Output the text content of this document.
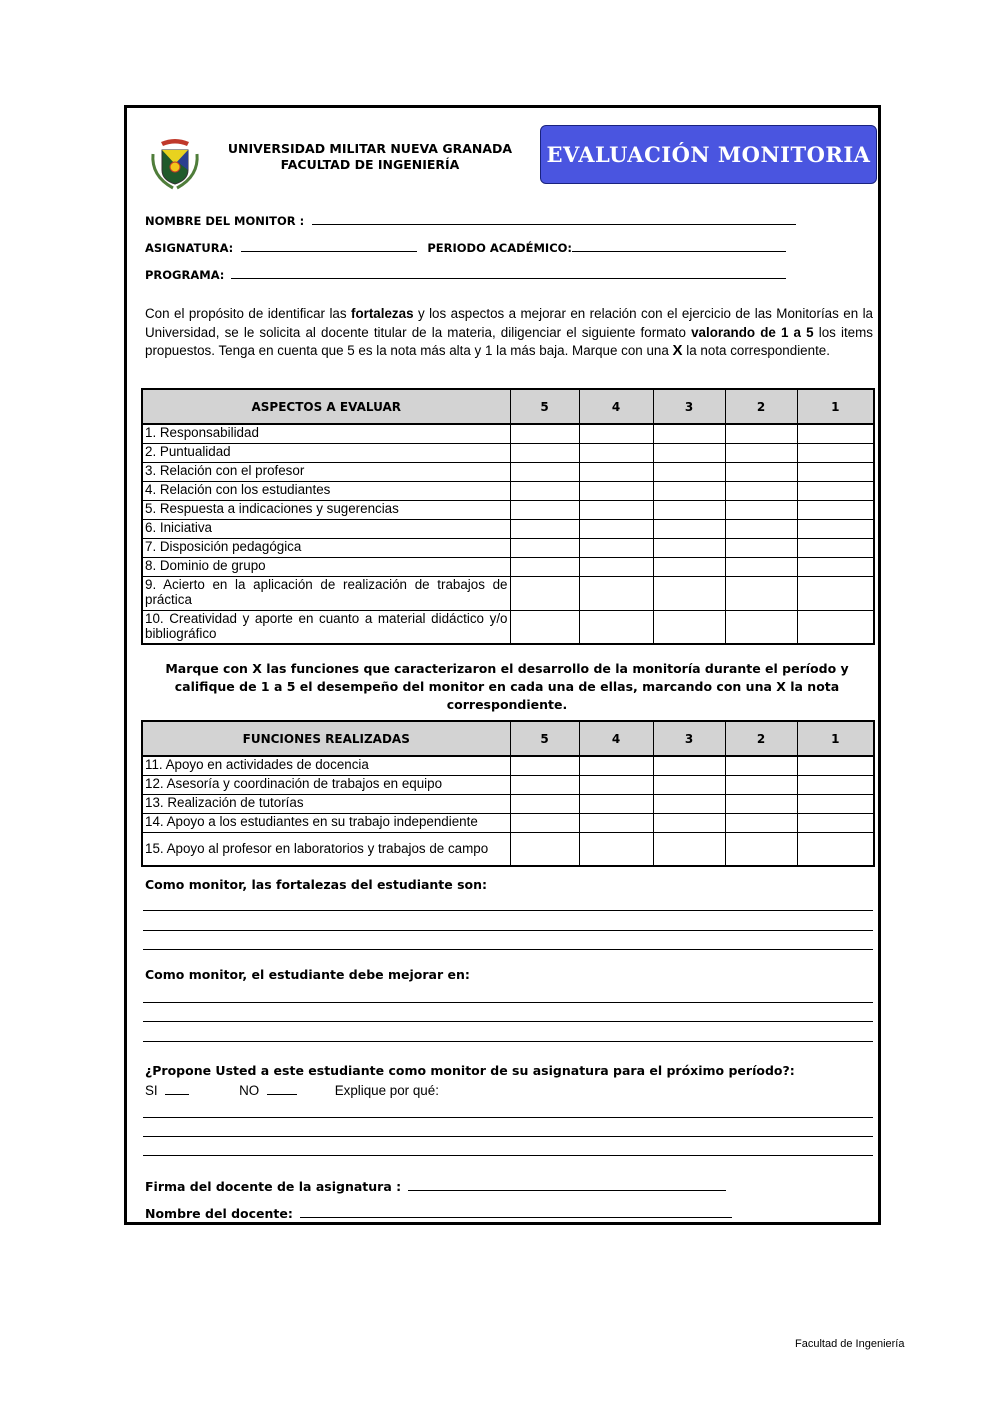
UNIVERSIDAD MILITAR NUEVA GRANADA
FACULTAD DE INGENIERÍA	EVALUACIÓN MONITORIA
NOMBRE DEL MONITOR :
ASIGNATURA:	PERIODO ACADÉMICO:
PROGRAMA:
Con el propósito de identificar las fortalezas y los aspectos a mejorar en relación con el ejercicio de las Monitorías en la Universidad, se le solicita al docente titular de la materia, diligenciar el siguiente formato valorando de 1 a 5 los items propuestos. Tenga en cuenta que 5 es la nota más alta y 1 la más baja. Marque con una X la nota correspondiente.
ASPECTOS A EVALUAR	5	4	3	2	1
1. Responsabilidad					
2. Puntualidad					
3. Relación con el profesor					
4. Relación con los estudiantes					
5. Respuesta a indicaciones y sugerencias					
6. Iniciativa					
7. Disposición pedagógica					
8. Dominio de grupo					
9. Acierto en la aplicación de realización de trabajos de práctica					
10. Creatividad y aporte en cuanto a material didáctico y/o bibliográfico					
Marque con X las funciones que caracterizaron el desarrollo de la monitoría durante el período y califique de 1 a 5 el desempeño del monitor en cada una de ellas, marcando con una X la nota correspondiente.
FUNCIONES REALIZADAS	5	4	3	2	1
11. Apoyo en actividades de docencia					
12. Asesoría y coordinación de trabajos en equipo					
13. Realización de tutorías					
14. Apoyo a los estudiantes en su trabajo independiente					
15. Apoyo al profesor en laboratorios y trabajos de campo					
Como monitor, las fortalezas del estudiante son:
Como monitor, el estudiante debe mejorar en:
¿Propone Usted a este estudiante como monitor de su asignatura para el próximo período?:
SI	NO	Explique por qué:
Firma del docente de la asignatura :
Nombre del docente:
Facultad de Ingeniería
